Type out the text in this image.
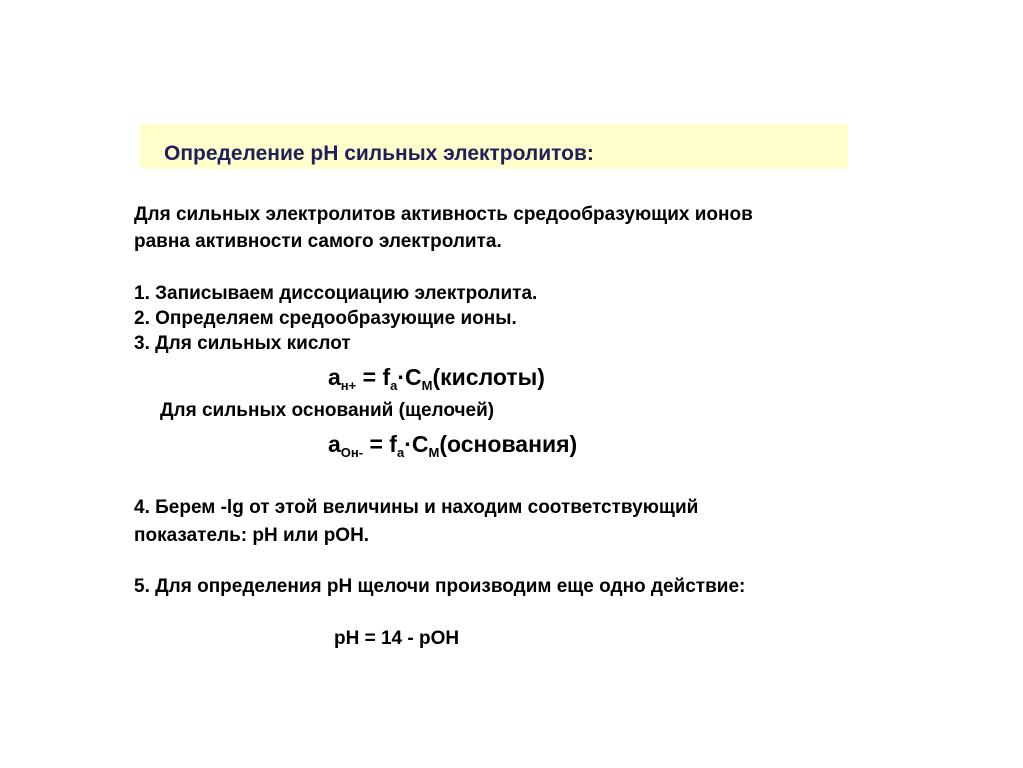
Определение рН сильных электролитов:
Для сильных электролитов активность средообразующих ионов
равна активности самого электролита.
1. Записываем диссоциацию электролита.
2. Определяем средообразующие ионы.
3. Для сильных кислот
$а_{н+}$ = $f_а\cdot С_М(кислоты)$
Для сильных оснований (щелочей)
$а_{Он-}$ = $f_а\cdot С_М(основания)$
4. Берем -lg от этой величины и находим соответствующий
показатель: рН или рОН.
5. Для определения рН щелочи производим еще одно действие:
рН = 14 - рОН
